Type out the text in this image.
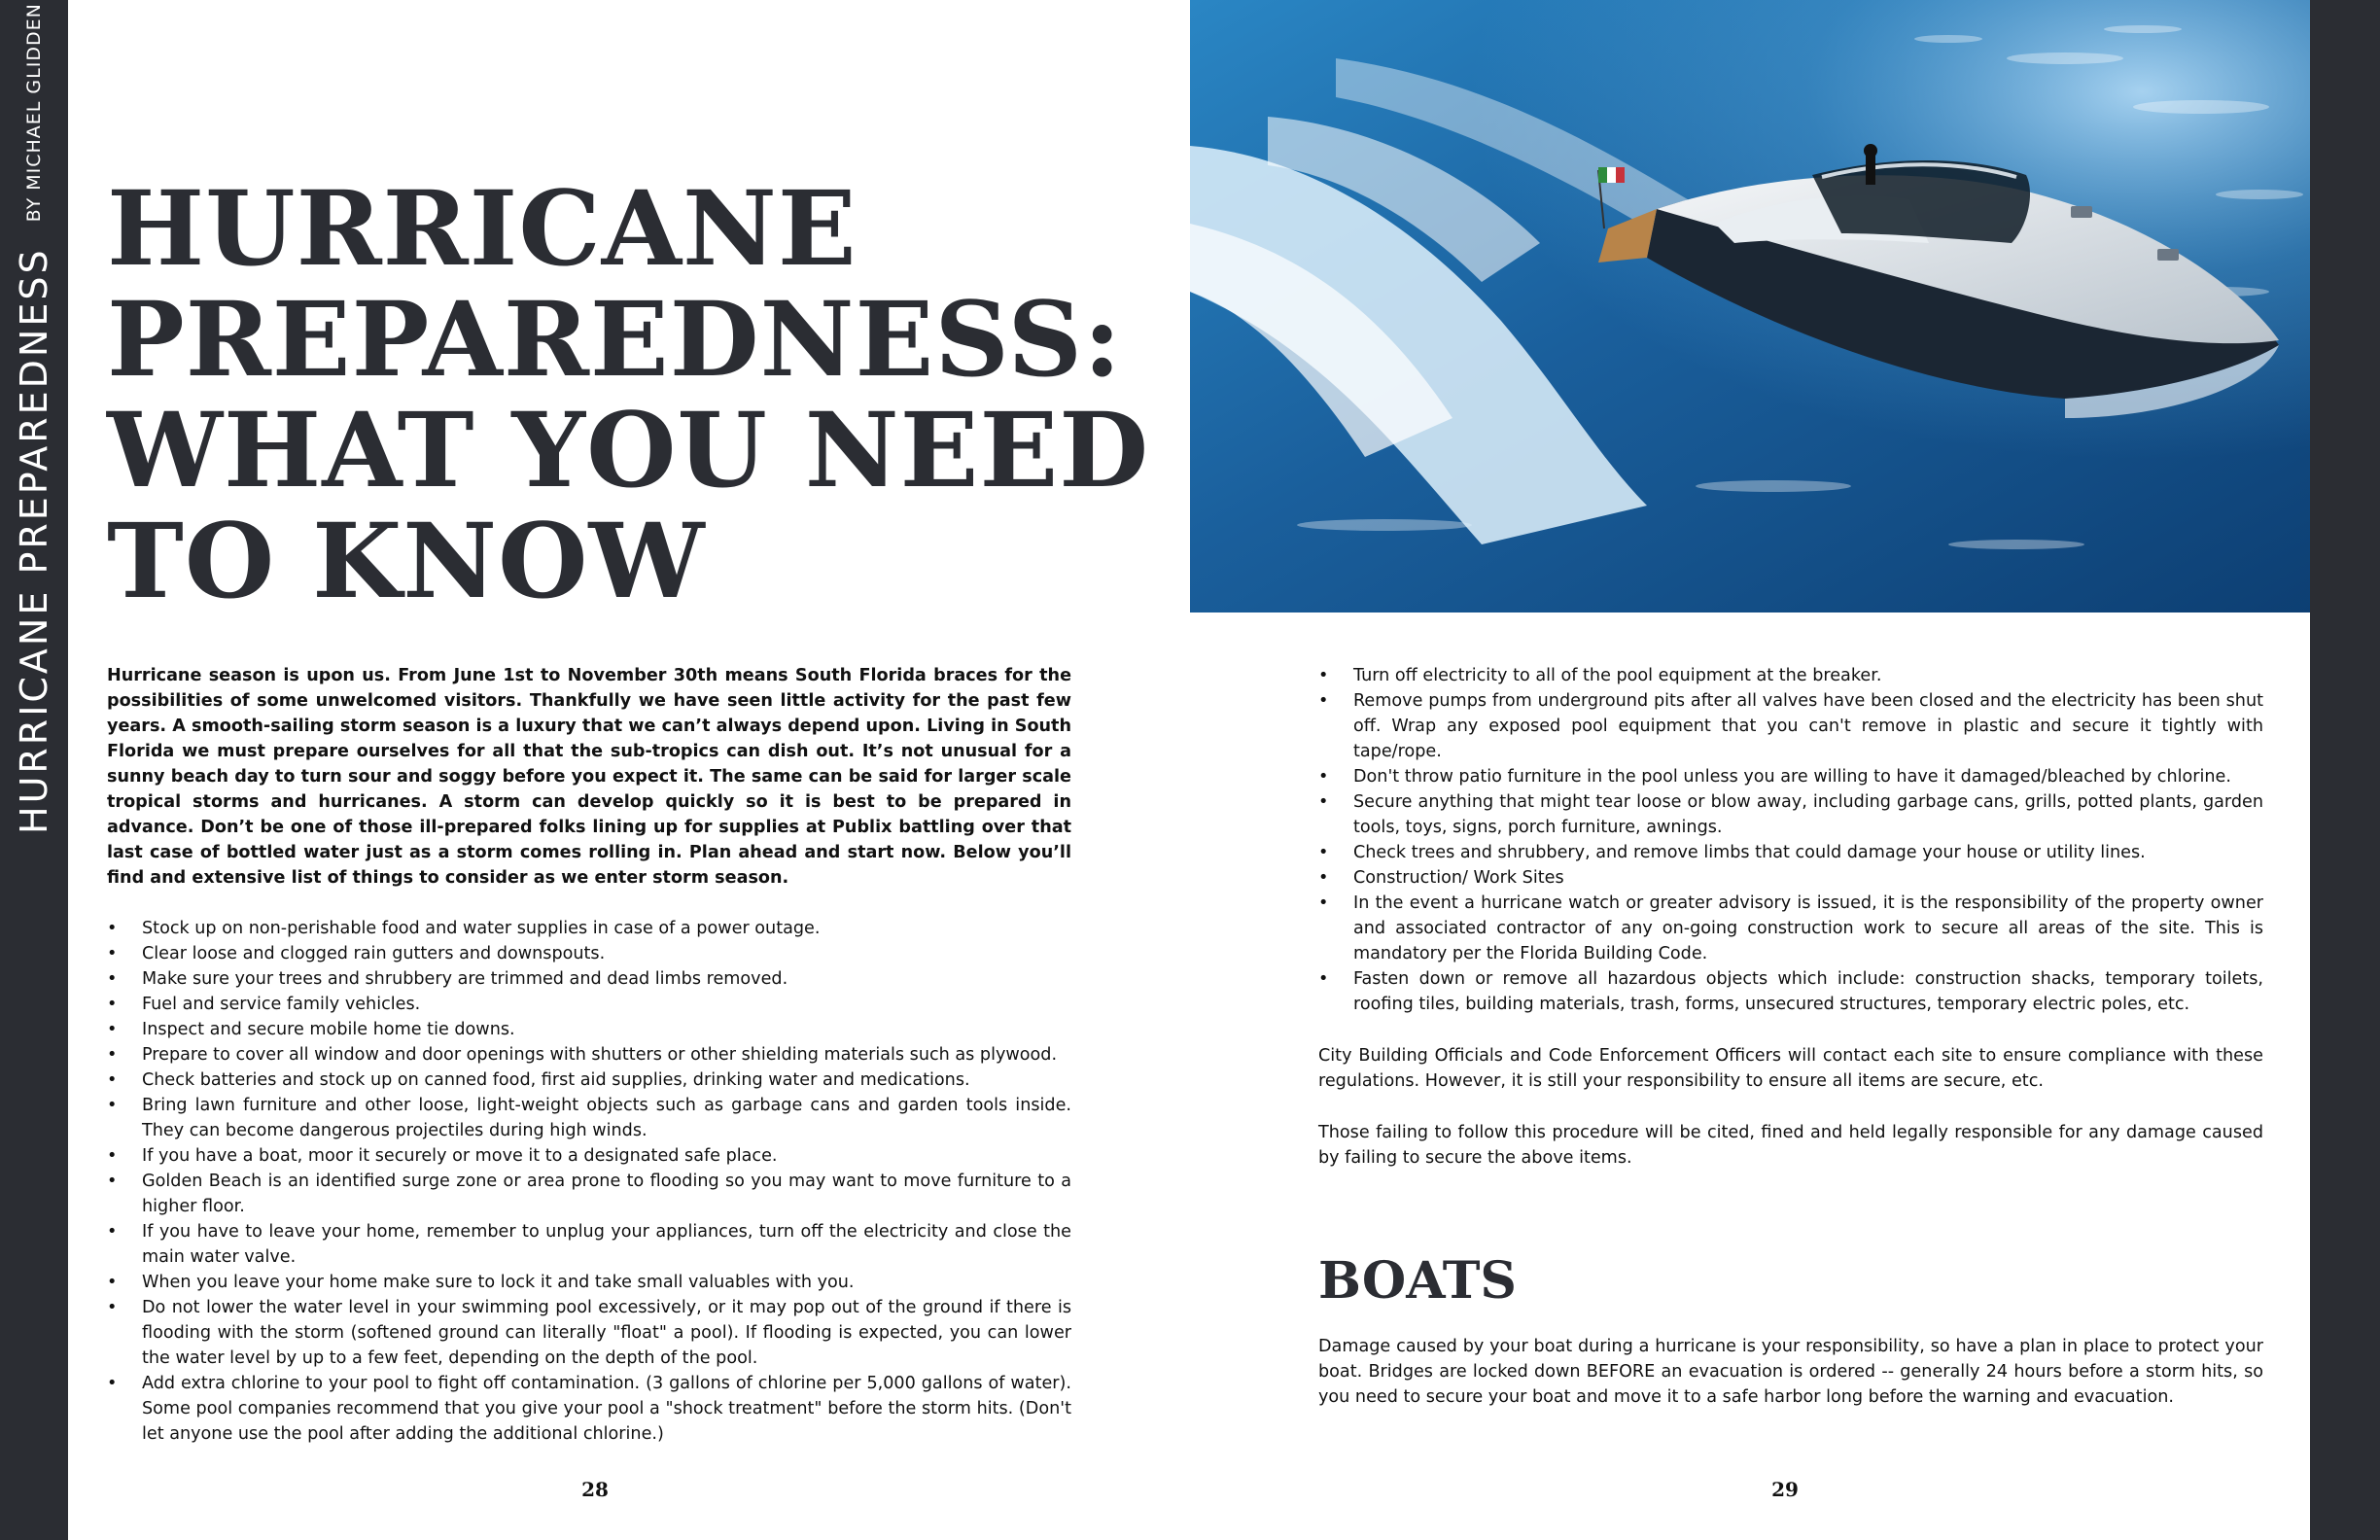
HURRICANE PREPAREDNESS
BY MICHAEL GLIDDEN
HURRICANE
PREPAREDNESS:
WHAT YOU NEED
TO KNOW

Hurricane season is upon us. From June 1st to November 30th means South Florida braces for the possibilities of some unwelcomed visitors. Thankfully we have seen little activity for the past few years. A smooth-sailing storm season is a luxury that we can’t always depend upon. Living in South Florida we must prepare ourselves for all that the sub-tropics can dish out. It’s not unusual for a sunny beach day to turn sour and soggy before you expect it. The same can be said for larger scale tropical storms and hurricanes. A storm can develop quickly so it is best to be prepared in advance. Don’t be one of those ill-prepared folks lining up for supplies at Publix battling over that last case of bottled water just as a storm comes rolling in. Plan ahead and start now. Below you’ll find and extensive list of things to consider as we enter storm season.

• Stock up on non-perishable food and water supplies in case of a power outage.
• Clear loose and clogged rain gutters and downspouts.
• Make sure your trees and shrubbery are trimmed and dead limbs removed.
• Fuel and service family vehicles.
• Inspect and secure mobile home tie downs.
• Prepare to cover all window and door openings with shutters or other shielding materials such as plywood.
• Check batteries and stock up on canned food, first aid supplies, drinking water and medications.
• Bring lawn furniture and other loose, light-weight objects such as garbage cans and garden tools inside. They can become dangerous projectiles during high winds.
• If you have a boat, moor it securely or move it to a designated safe place.
• Golden Beach is an identified surge zone or area prone to flooding so you may want to move furniture to a higher floor.
• If you have to leave your home, remember to unplug your appliances, turn off the electricity and close the main water valve.
• When you leave your home make sure to lock it and take small valuables with you.
• Do not lower the water level in your swimming pool excessively, or it may pop out of the ground if there is flooding with the storm (softened ground can literally "float" a pool). If flooding is expected, you can lower the water level by up to a few feet, depending on the depth of the pool.
• Add extra chlorine to your pool to fight off contamination. (3 gallons of chlorine per 5,000 gallons of water). Some pool companies recommend that you give your pool a "shock treatment" before the storm hits. (Don't let anyone use the pool after adding the additional chlorine.)
• Turn off electricity to all of the pool equipment at the breaker.
• Remove pumps from underground pits after all valves have been closed and the electricity has been shut off. Wrap any exposed pool equipment that you can't remove in plastic and secure it tightly with tape/rope.
• Don't throw patio furniture in the pool unless you are willing to have it damaged/bleached by chlorine.
• Secure anything that might tear loose or blow away, including garbage cans, grills, potted plants, garden tools, toys, signs, porch furniture, awnings.
• Check trees and shrubbery, and remove limbs that could damage your house or utility lines.
• Construction/ Work Sites
• In the event a hurricane watch or greater advisory is issued, it is the responsibility of the property owner and associated contractor of any on-going construction work to secure all areas of the site. This is mandatory per the Florida Building Code.
• Fasten down or remove all hazardous objects which include: construction shacks, temporary toilets, roofing tiles, building materials, trash, forms, unsecured structures, temporary electric poles, etc.

City Building Officials and Code Enforcement Officers will contact each site to ensure compliance with these regulations. However, it is still your responsibility to ensure all items are secure, etc.

Those failing to follow this procedure will be cited, fined and held legally responsible for any damage caused by failing to secure the above items.

BOATS

Damage caused by your boat during a hurricane is your responsibility, so have a plan in place to protect your boat. Bridges are locked down BEFORE an evacuation is ordered -- generally 24 hours before a storm hits, so you need to secure your boat and move it to a safe harbor long before the warning and evacuation.

28	29
